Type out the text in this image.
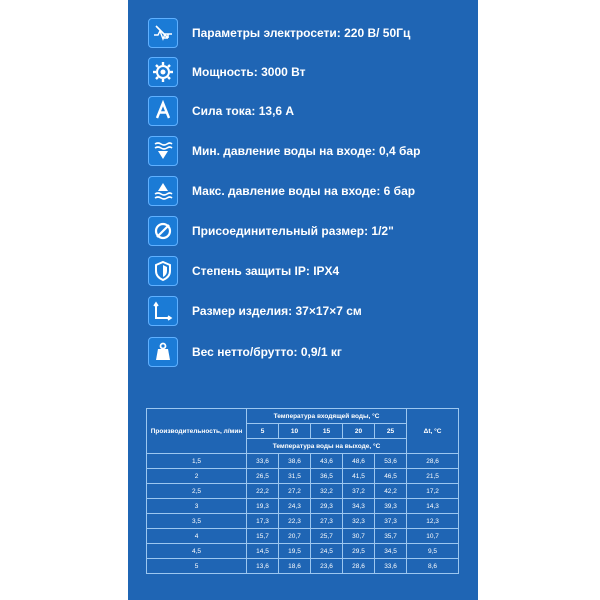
Параметры электросети: 220 В/ 50Гц
Мощность: 3000 Вт
Сила тока: 13,6 А
Мин. давление воды на входе: 0,4 бар
Макс. давление воды на входе: 6 бар
Присоединительный размер: 1/2"
Степень защиты IP: IPX4
Размер изделия: 37×17×7 см
Вес нетто/брутто: 0,9/1 кг
Производительность, л/мин	Температура входящей воды, °C					Δt, °C
	5	10	15	20	25	
	Температура воды на выходе, °C					
1,5	33,6	38,6	43,6	48,6	53,6	28,6
2	26,5	31,5	36,5	41,5	46,5	21,5
2,5	22,2	27,2	32,2	37,2	42,2	17,2
3	19,3	24,3	29,3	34,3	39,3	14,3
3,5	17,3	22,3	27,3	32,3	37,3	12,3
4	15,7	20,7	25,7	30,7	35,7	10,7
4,5	14,5	19,5	24,5	29,5	34,5	9,5
5	13,6	18,6	23,6	28,6	33,6	8,6
